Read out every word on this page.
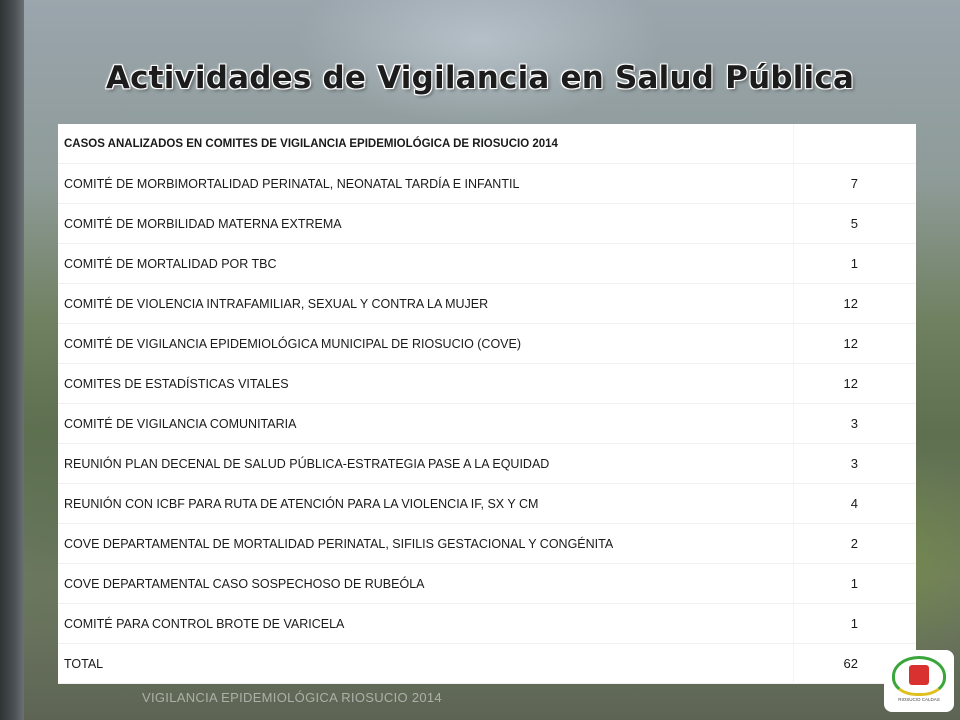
Actividades de Vigilancia en Salud Pública
CASOS ANALIZADOS EN COMITES DE VIGILANCIA EPIDEMIOLÓGICA DE RIOSUCIO 2014	
COMITÉ DE MORBIMORTALIDAD PERINATAL, NEONATAL TARDÍA E INFANTIL	7
COMITÉ DE MORBILIDAD MATERNA EXTREMA	5
COMITÉ DE MORTALIDAD POR TBC	1
COMITÉ DE VIOLENCIA INTRAFAMILIAR, SEXUAL Y CONTRA LA MUJER	12
COMITÉ DE VIGILANCIA EPIDEMIOLÓGICA MUNICIPAL DE RIOSUCIO (COVE)	12
COMITES DE ESTADÍSTICAS VITALES	12
COMITÉ DE VIGILANCIA COMUNITARIA	3
REUNIÓN PLAN DECENAL DE SALUD PÚBLICA-ESTRATEGIA PASE A LA EQUIDAD	3
REUNIÓN CON ICBF PARA RUTA DE ATENCIÓN PARA LA VIOLENCIA IF, SX Y CM	4
COVE DEPARTAMENTAL DE MORTALIDAD PERINATAL, SIFILIS GESTACIONAL Y CONGÉNITA	2
COVE DEPARTAMENTAL CASO SOSPECHOSO DE RUBEÓLA	1
COMITÉ PARA CONTROL BROTE DE VARICELA	1
TOTAL	62
VIGILANCIA EPIDEMIOLÓGICA RIOSUCIO 2014	RIOSUCIO CALDAS
